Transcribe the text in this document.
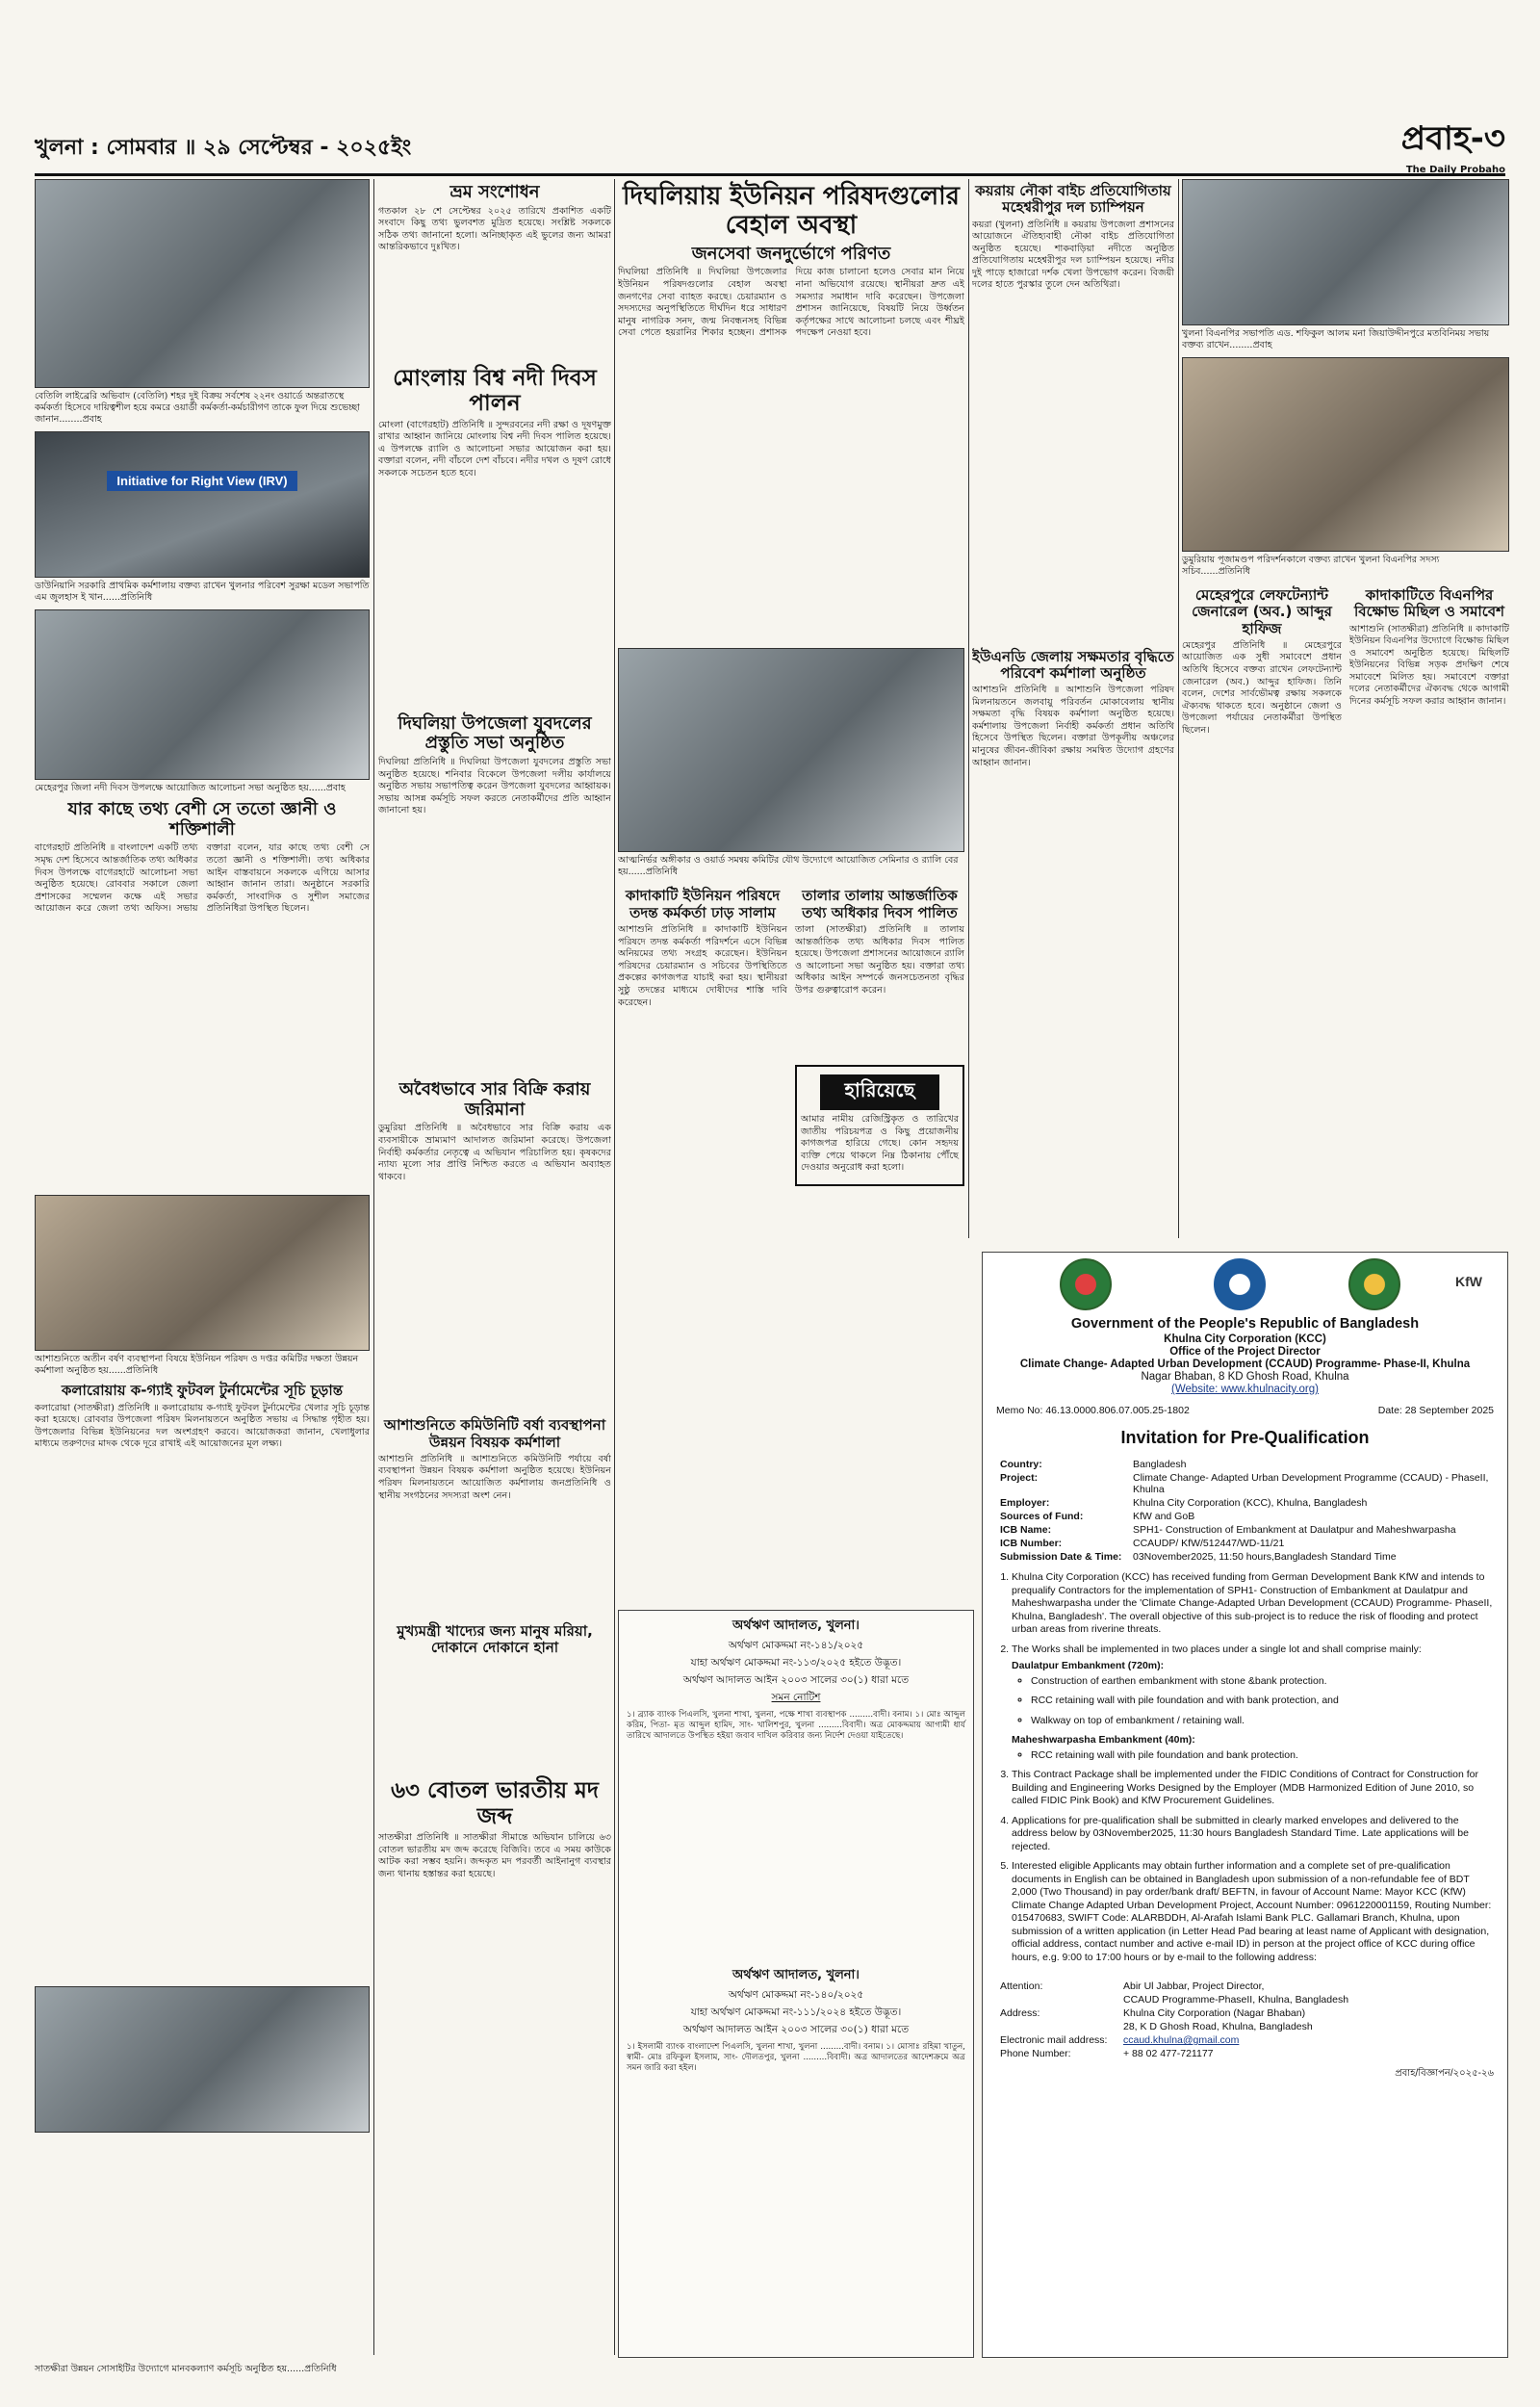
খুলনা : সোমবার ॥ ২৯ সেপ্টেম্বর - ২০২৫ইং	প্রবাহ-৩
The Daily Probaho
বেতিলি লাইব্রেরি অভিবাদ (বেতিলি) শহর দুই বিক্রয় সর্বশেষ ২২নং ওয়ার্ডে অন্তরাতস্থে কর্মকর্তা হিসেবে দায়িত্বশীল হয়ে কমরে ওয়ার্ডী কর্মকর্তা-কর্মচারীগণ তাকে ফুল দিয়ে শুভেচ্ছা জানান........প্রবাহ
Initiative for Right View (IRV)
ডাউনিয়ানি সরকারি প্রাথমিক কর্মশালায় বক্তব্য রাখেন খুলনার পরিবেশ সুরক্ষা মডেল সভাপতি এম জুলহাস ই খান......প্রতিনিধি
মেহেরপুর জিলা নদী দিবস উপলক্ষে আয়োজিত আলোচনা সভা অনুষ্ঠিত হয়......প্রবাহ
যার কাছে তথ্য বেশী সে ততো জ্ঞানী ও শক্তিশালী

বাগেরহাট প্রতিনিধি ॥ বাংলাদেশ একটি তথ্য সমৃদ্ধ দেশ হিসেবে আন্তর্জাতিক তথ্য অধিকার দিবস উপলক্ষে বাগেরহাটে আলোচনা সভা অনুষ্ঠিত হয়েছে। রোববার সকালে জেলা প্রশাসকের সম্মেলন কক্ষে এই সভার আয়োজন করে জেলা তথ্য অফিস। সভায় বক্তারা বলেন, যার কাছে তথ্য বেশী সে ততো জ্ঞানী ও শক্তিশালী। তথ্য অধিকার আইন বাস্তবায়নে সকলকে এগিয়ে আসার আহ্বান জানান তারা। অনুষ্ঠানে সরকারি কর্মকর্তা, সাংবাদিক ও সুশীল সমাজের প্রতিনিধিরা উপস্থিত ছিলেন।

আশাশুনিতে অতীন বর্ষণ ব্যবস্থাপনা বিষয়ে ইউনিয়ন পরিষদ ও দপ্তর কমিটির দক্ষতা উন্নয়ন কর্মশালা অনুষ্ঠিত হয়......প্রতিনিধি
কলারোয়ায় ক-গ্যাই ফুটবল টুর্নামেন্টের সূচি চূড়ান্ত

কলারোয়া (সাতক্ষীরা) প্রতিনিধি ॥ কলারোয়ায় ক-গ্যাই ফুটবল টুর্নামেন্টের খেলার সূচি চূড়ান্ত করা হয়েছে। রোববার উপজেলা পরিষদ মিলনায়তনে অনুষ্ঠিত সভায় এ সিদ্ধান্ত গৃহীত হয়। উপজেলার বিভিন্ন ইউনিয়নের দল অংশগ্রহণ করবে। আয়োজকরা জানান, খেলাধুলার মাধ্যমে তরুণদের মাদক থেকে দূরে রাখাই এই আয়োজনের মূল লক্ষ্য।

সাতক্ষীরা উন্নয়ন সোসাইটির উদ্যোগে মানবকল্যাণ কর্মসূচি অনুষ্ঠিত হয়......প্রতিনিধি
ভ্রম সংশোধন

গতকাল ২৮ শে সেপ্টেম্বর ২০২৫ তারিখে প্রকাশিত একটি সংবাদে কিছু তথ্য ভুলবশত মুদ্রিত হয়েছে। সংশ্লিষ্ট সকলকে সঠিক তথ্য জানানো হলো। অনিচ্ছাকৃত এই ভুলের জন্য আমরা আন্তরিকভাবে দুঃখিত।

মোংলায় বিশ্ব নদী দিবস পালন

মোংলা (বাগেরহাট) প্রতিনিধি ॥ সুন্দরবনের নদী রক্ষা ও দূষণমুক্ত রাখার আহ্বান জানিয়ে মোংলায় বিশ্ব নদী দিবস পালিত হয়েছে। এ উপলক্ষে র‍্যালি ও আলোচনা সভার আয়োজন করা হয়। বক্তারা বলেন, নদী বাঁচলে দেশ বাঁচবে। নদীর দখল ও দূষণ রোধে সকলকে সচেতন হতে হবে।

দিঘলিয়া উপজেলা যুবদলের প্রস্তুতি সভা অনুষ্ঠিত

দিঘলিয়া প্রতিনিধি ॥ দিঘলিয়া উপজেলা যুবদলের প্রস্তুতি সভা অনুষ্ঠিত হয়েছে। শনিবার বিকেলে উপজেলা দলীয় কার্যালয়ে অনুষ্ঠিত সভায় সভাপতিত্ব করেন উপজেলা যুবদলের আহ্বায়ক। সভায় আসন্ন কর্মসূচি সফল করতে নেতাকর্মীদের প্রতি আহ্বান জানানো হয়।

অবৈধভাবে সার বিক্রি করায় জরিমানা

ডুমুরিয়া প্রতিনিধি ॥ অবৈধভাবে সার বিক্রি করায় এক ব্যবসায়ীকে ভ্রাম্যমাণ আদালত জরিমানা করেছে। উপজেলা নির্বাহী কর্মকর্তার নেতৃত্বে এ অভিযান পরিচালিত হয়। কৃষকদের ন্যায্য মূল্যে সার প্রাপ্তি নিশ্চিত করতে এ অভিযান অব্যাহত থাকবে।

আশাশুনিতে কমিউনিটি বর্ষা ব্যবস্থাপনা উন্নয়ন বিষয়ক কর্মশালা

আশাশুনি প্রতিনিধি ॥ আশাশুনিতে কমিউনিটি পর্যায়ে বর্ষা ব্যবস্থাপনা উন্নয়ন বিষয়ক কর্মশালা অনুষ্ঠিত হয়েছে। ইউনিয়ন পরিষদ মিলনায়তনে আয়োজিত কর্মশালায় জনপ্রতিনিধি ও স্থানীয় সংগঠনের সদস্যরা অংশ নেন।

মুখ্যমন্ত্রী খাদ্যের জন্য মানুষ মরিয়া, দোকানে দোকানে হানা
৬৩ বোতল ভারতীয় মদ জব্দ

সাতক্ষীরা প্রতিনিধি ॥ সাতক্ষীরা সীমান্তে অভিযান চালিয়ে ৬৩ বোতল ভারতীয় মদ জব্দ করেছে বিজিবি। তবে এ সময় কাউকে আটক করা সম্ভব হয়নি। জব্দকৃত মদ পরবর্তী আইনানুগ ব্যবস্থার জন্য থানায় হস্তান্তর করা হয়েছে।

দিঘলিয়ায় ইউনিয়ন পরিষদগুলোর বেহাল অবস্থা
জনসেবা জনদুর্ভোগে পরিণত

দিঘলিয়া প্রতিনিধি ॥ দিঘলিয়া উপজেলার ইউনিয়ন পরিষদগুলোর বেহাল অবস্থা জনগণের সেবা ব্যাহত করছে। চেয়ারম্যান ও সদস্যদের অনুপস্থিতিতে দীর্ঘদিন ধরে সাধারণ মানুষ নাগরিক সনদ, জন্ম নিবন্ধনসহ বিভিন্ন সেবা পেতে হয়রানির শিকার হচ্ছেন। প্রশাসক দিয়ে কাজ চালানো হলেও সেবার মান নিয়ে নানা অভিযোগ রয়েছে। স্থানীয়রা দ্রুত এই সমস্যার সমাধান দাবি করেছেন। উপজেলা প্রশাসন জানিয়েছে, বিষয়টি নিয়ে উর্ধ্বতন কর্তৃপক্ষের সাথে আলোচনা চলছে এবং শীঘ্রই পদক্ষেপ নেওয়া হবে।

আত্মনির্ভর অঙ্গীকার ও ওয়ার্ড সমন্বয় কমিটির যৌথ উদ্যোগে আয়োজিত সেমিনার ও র‍্যালি বের হয়......প্রতিনিধি
কাদাকাটি ইউনিয়ন পরিষদে তদন্ত কর্মকর্তা ঢাড় সালাম

আশাশুনি প্রতিনিধি ॥ কাদাকাটি ইউনিয়ন পরিষদে তদন্ত কর্মকর্তা পরিদর্শনে এসে বিভিন্ন অনিয়মের তথ্য সংগ্রহ করেছেন। ইউনিয়ন পরিষদের চেয়ারম্যান ও সচিবের উপস্থিতিতে প্রকল্পের কাগজপত্র যাচাই করা হয়। স্থানীয়রা সুষ্ঠু তদন্তের মাধ্যমে দোষীদের শাস্তি দাবি করেছেন।

তালার তালায় আন্তর্জাতিক তথ্য অধিকার দিবস পালিত

তালা (সাতক্ষীরা) প্রতিনিধি ॥ তালায় আন্তর্জাতিক তথ্য অধিকার দিবস পালিত হয়েছে। উপজেলা প্রশাসনের আয়োজনে র‍্যালি ও আলোচনা সভা অনুষ্ঠিত হয়। বক্তারা তথ্য অধিকার আইন সম্পর্কে জনসচেতনতা বৃদ্ধির উপর গুরুত্বারোপ করেন।

হারিয়েছে

আমার নামীয় রেজিস্ট্রিকৃত ও তারিখের জাতীয় পরিচয়পত্র ও কিছু প্রয়োজনীয় কাগজপত্র হারিয়ে গেছে। কোন সহৃদয় ব্যক্তি পেয়ে থাকলে নিম্ন ঠিকানায় পৌঁছে দেওয়ার অনুরোধ করা হলো।

অর্থঋণ আদালত, খুলনা।
অর্থঋণ মোকদ্দমা নং-১৪১/২০২৫
যাহা অর্থঋণ মোকদ্দমা নং-১১৩/২০২৫ হইতে উদ্ভূত।
অর্থঋণ আদালত আইন ২০০৩ সালের ৩০(১) ধারা মতে
সমন নোটিশ
১। ব্র্যাক ব্যাংক পিএলসি, খুলনা শাখা, খুলনা, পক্ষে শাখা ব্যবস্থাপক .........বাদী। বনাম। ১। মোঃ আব্দুল করিম, পিতা- মৃত আব্দুল হামিদ, সাং- খালিশপুর, খুলনা .........বিবাদী। অত্র মোকদ্দমায় আগামী ধার্য তারিখে আদালতে উপস্থিত হইয়া জবাব দাখিল করিবার জন্য নির্দেশ দেওয়া যাইতেছে।
অর্থঋণ আদালত, খুলনা।
অর্থঋণ মোকদ্দমা নং-১৪০/২০২৫
যাহা অর্থঋণ মোকদ্দমা নং-১১১/২০২৪ হইতে উদ্ভূত।
অর্থঋণ আদালত আইন ২০০৩ সালের ৩০(১) ধারা মতে
১। ইসলামী ব্যাংক বাংলাদেশ পিএলসি, খুলনা শাখা, খুলনা .........বাদী। বনাম। ১। মোসাঃ রহিমা খাতুন, স্বামী- মোঃ রফিকুল ইসলাম, সাং- দৌলতপুর, খুলনা .........বিবাদী। অত্র আদালতের আদেশক্রমে অত্র সমন জারি করা হইল।
কয়রায় নৌকা বাইচ প্রতিযোগিতায় মহেশ্বরীপুর দল চ্যাম্পিয়ন

কয়রা (খুলনা) প্রতিনিধি ॥ কয়রায় উপজেলা প্রশাসনের আয়োজনে ঐতিহ্যবাহী নৌকা বাইচ প্রতিযোগিতা অনুষ্ঠিত হয়েছে। শাকবাড়িয়া নদীতে অনুষ্ঠিত প্রতিযোগিতায় মহেশ্বরীপুর দল চ্যাম্পিয়ন হয়েছে। নদীর দুই পাড়ে হাজারো দর্শক খেলা উপভোগ করেন। বিজয়ী দলের হাতে পুরস্কার তুলে দেন অতিথিরা।

ইউএনডি জেলায় সক্ষমতার বৃদ্ধিতে পরিবেশ কর্মশালা অনুষ্ঠিত

আশাশুনি প্রতিনিধি ॥ আশাশুনি উপজেলা পরিষদ মিলনায়তনে জলবায়ু পরিবর্তন মোকাবেলায় স্থানীয় সক্ষমতা বৃদ্ধি বিষয়ক কর্মশালা অনুষ্ঠিত হয়েছে। কর্মশালায় উপজেলা নির্বাহী কর্মকর্তা প্রধান অতিথি হিসেবে উপস্থিত ছিলেন। বক্তারা উপকূলীয় অঞ্চলের মানুষের জীবন-জীবিকা রক্ষায় সমন্বিত উদ্যোগ গ্রহণের আহ্বান জানান।

খুলনা বিএনপির সভাপতি এড. শফিকুল আলম মনা জিয়াউদ্দীনপুরে মতবিনিময় সভায় বক্তব্য রাখেন........প্রবাহ
ডুমুরিয়ায় পূজামণ্ডপ পরিদর্শনকালে বক্তব্য রাখেন খুলনা বিএনপির সদস্য সচিব......প্রতিনিধি
মেহেরপুরে লেফটেন্যান্ট জেনারেল (অব.) আব্দুর হাফিজ

মেহেরপুর প্রতিনিধি ॥ মেহেরপুরে আয়োজিত এক সুধী সমাবেশে প্রধান অতিথি হিসেবে বক্তব্য রাখেন লেফটেন্যান্ট জেনারেল (অব.) আব্দুর হাফিজ। তিনি বলেন, দেশের সার্বভৌমত্ব রক্ষায় সকলকে ঐক্যবদ্ধ থাকতে হবে। অনুষ্ঠানে জেলা ও উপজেলা পর্যায়ের নেতাকর্মীরা উপস্থিত ছিলেন।

কাদাকাটিতে বিএনপির বিক্ষোভ মিছিল ও সমাবেশ

আশাশুনি (সাতক্ষীরা) প্রতিনিধি ॥ কাদাকাটি ইউনিয়ন বিএনপির উদ্যোগে বিক্ষোভ মিছিল ও সমাবেশ অনুষ্ঠিত হয়েছে। মিছিলটি ইউনিয়নের বিভিন্ন সড়ক প্রদক্ষিণ শেষে সমাবেশে মিলিত হয়। সমাবেশে বক্তারা দলের নেতাকর্মীদের ঐক্যবদ্ধ থেকে আগামী দিনের কর্মসূচি সফল করার আহ্বান জানান।

KfW
Government of the People's Republic of Bangladesh
Khulna City Corporation (KCC)
Office of the Project Director
Climate Change- Adapted Urban Development (CCAUD) Programme- Phase-II, Khulna
Nagar Bhaban, 8 KD Ghosh Road, Khulna
(Website: www.khulnacity.org)
Memo No: 46.13.0000.806.07.005.25-1802	Date: 28 September 2025
Invitation for Pre-Qualification
Country:	Bangladesh
Project:	Climate Change- Adapted Urban Development Programme (CCAUD) - PhaseII, Khulna
Employer:	Khulna City Corporation (KCC), Khulna, Bangladesh
Sources of Fund:	KfW and GoB
ICB Name:	SPH1- Construction of Embankment at Daulatpur and Maheshwarpasha
ICB Number:	CCAUDP/ KfW/512447/WD-11/21
Submission Date & Time:	03November2025, 11:50 hours,Bangladesh Standard Time
1. Khulna City Corporation (KCC) has received funding from German Development Bank KfW and intends to prequalify Contractors for the implementation of SPH1- Construction of Embankment at Daulatpur and Maheshwarpasha under the 'Climate Change-Adapted Urban Development (CCAUD) Programme- PhaseII, Khulna, Bangladesh'. The overall objective of this sub-project is to reduce the risk of flooding and protect urban areas from riverine threats.
2. The Works shall be implemented in two places under a single lot and shall comprise mainly:
Daulatpur Embankment (720m):
◦ Construction of earthen embankment with stone &bank protection.
◦ RCC retaining wall with pile foundation and with bank protection, and
◦ Walkway on top of embankment / retaining wall.
Maheshwarpasha Embankment (40m):
◦ RCC retaining wall with pile foundation and bank protection.
3. This Contract Package shall be implemented under the FIDIC Conditions of Contract for Construction for Building and Engineering Works Designed by the Employer (MDB Harmonized Edition of June 2010, so called FIDIC Pink Book) and KfW Procurement Guidelines.
4. Applications for pre-qualification shall be submitted in clearly marked envelopes and delivered to the address below by 03November2025, 11:30 hours Bangladesh Standard Time. Late applications will be rejected.
5. Interested eligible Applicants may obtain further information and a complete set of pre-qualification documents in English can be obtained in Bangladesh upon submission of a non-refundable fee of BDT 2,000 (Two Thousand) in pay order/bank draft/ BEFTN, in favour of Account Name: Mayor KCC (KfW) Climate Change Adapted Urban Development Project, Account Number: 0961220001159, Routing Number: 015470683, SWIFT Code: ALARBDDH, Al-Arafah Islami Bank PLC. Gallamari Branch, Khulna, upon submission of a written application (in Letter Head Pad bearing at least name of Applicant with designation, official address, contact number and active e-mail ID) in person at the project office of KCC during office hours, e.g. 9:00 to 17:00 hours or by e-mail to the following address:
Attention:	Abir Ul Jabbar, Project Director,
	CCAUD Programme-PhaseII, Khulna, Bangladesh
Address:	Khulna City Corporation (Nagar Bhaban)
	28, K D Ghosh Road, Khulna, Bangladesh
Electronic mail address:	ccaud.khulna@gmail.com
Phone Number:	+ 88 02 477-721177
প্রবাহ/বিজ্ঞাপন/২০২৫-২৬
